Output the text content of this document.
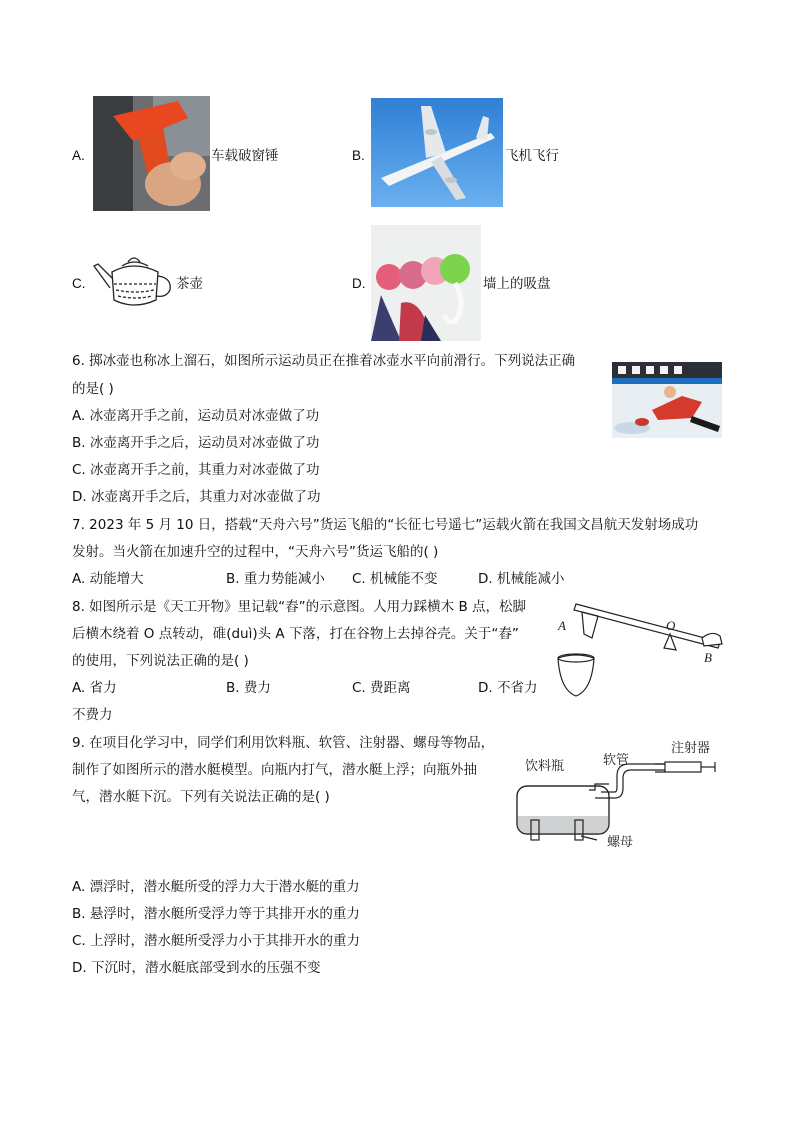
A.	车载破窗锤	B.	飞机飞行
C.	茶壶	D.	墙上的吸盘
6. 掷冰壶也称冰上溜石，如图所示运动员正在推着冰壶水平向前滑行。下列说法正确
的是( )
A. 冰壶离开手之前，运动员对冰壶做了功
B. 冰壶离开手之后，运动员对冰壶做了功
C. 冰壶离开手之前，其重力对冰壶做了功
D. 冰壶离开手之后，其重力对冰壶做了功
7. 2023 年 5 月 10 日，搭载“天舟六号”货运飞船的“长征七号遥七”运载火箭在我国文昌航天发射场成功
发射。当火箭在加速升空的过程中，“天舟六号”货运飞船的( )
A. 动能增大	B. 重力势能减小 C. 机械能不变	D. 机械能减小
8. 如图所示是《天工开物》里记载“舂”的示意图。人用力踩横木 B 点，松脚
后横木绕着 O 点转动，碓(duì)头 A 下落，打在谷物上去掉谷壳。关于“舂”
的使用，下列说法正确的是( )
A. 省力	B. 费力	C. 费距离	D. 不省力
不费力
A	O
B
9. 在项目化学习中，同学们利用饮料瓶、软管、注射器、螺母等物品，
制作了如图所示的潜水艇模型。向瓶内打气，潜水艇上浮；向瓶外抽
气，潜水艇下沉。下列有关说法正确的是( )
饮料瓶	软管
注射器
螺母
A. 漂浮时，潜水艇所受的浮力大于潜水艇的重力
B. 悬浮时，潜水艇所受浮力等于其排开水的重力
C. 上浮时，潜水艇所受浮力小于其排开水的重力
D. 下沉时，潜水艇底部受到水的压强不变
